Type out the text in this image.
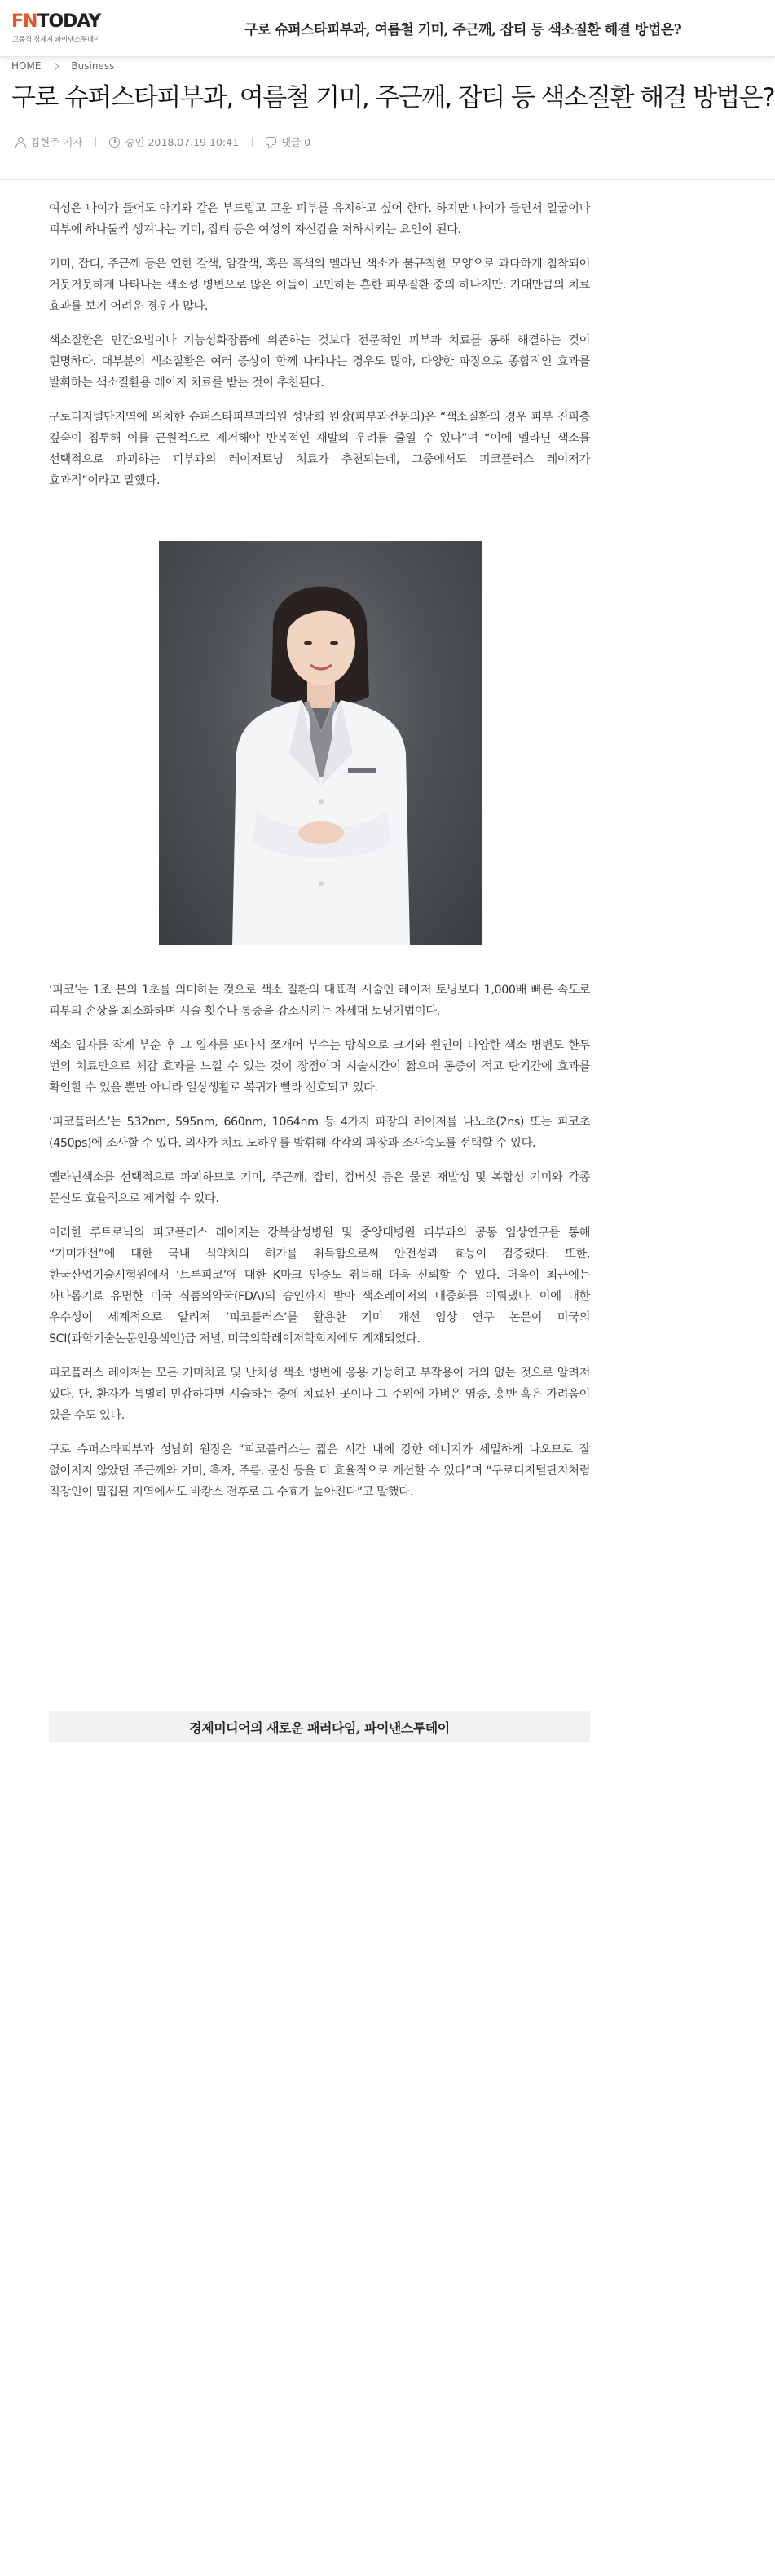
FNTODAY
고품격 경제지 파이낸스투데이
구로 슈퍼스타피부과, 여름철 기미, 주근깨, 잡티 등 색소질환 해결 방법은?
HOME	Business
구로 슈퍼스타피부과, 여름철 기미, 주근깨, 잡티 등 색소질환 해결 방법은?
김현주 기자	승인 2018.07.19 10:41	댓글 0

여성은 나이가 들어도 아기와 같은 부드럽고 고운 피부를 유지하고 싶어 한다. 하지만 나이가 들면서 얼굴이나 피부에 하나둘씩 생겨나는 기미, 잡티 등은 여성의 자신감을 저하시키는 요인이 된다.

기미, 잡티, 주근깨 등은 연한 갈색, 암갈색, 혹은 흑색의 멜라닌 색소가 불규칙한 모양으로 과다하게 침착되어 거뭇거뭇하게 나타나는 색소성 병변으로 많은 이들이 고민하는 흔한 피부질환 중의 하나지만, 기대만큼의 치료 효과를 보기 어려운 경우가 많다.

색소질환은 민간요법이나 기능성화장품에 의존하는 것보다 전문적인 피부과 치료를 통해 해결하는 것이 현명하다. 대부분의 색소질환은 여러 증상이 함께 나타나는 경우도 많아, 다양한 파장으로 종합적인 효과를 발휘하는 색소질환용 레이저 치료를 받는 것이 추천된다.

구로디지털단지역에 위치한 슈퍼스타피부과의원 성남희 원장(피부과전문의)은 “색소질환의 경우 피부 진피층 깊숙이 침투해 이를 근원적으로 제거해야 반복적인 재발의 우려를 줄일 수 있다”며 “이에 멜라닌 색소를 선택적으로 파괴하는 피부과의 레이저토닝 치료가 추천되는데, 그중에서도 피코플러스 레이저가 효과적”이라고 말했다.

‘피코’는 1조 분의 1초를 의미하는 것으로 색소 질환의 대표적 시술인 레이저 토닝보다 1,000배 빠른 속도로 피부의 손상을 최소화하며 시술 횟수나 통증을 감소시키는 차세대 토닝기법이다.

색소 입자를 작게 부순 후 그 입자를 또다시 쪼개어 부수는 방식으로 크기와 원인이 다양한 색소 병변도 한두 번의 치료만으로 체감 효과를 느낄 수 있는 것이 장점이며 시술시간이 짧으며 통증이 적고 단기간에 효과를 확인할 수 있을 뿐만 아니라 일상생활로 복귀가 빨라 선호되고 있다.

‘피코플러스’는 532nm, 595nm, 660nm, 1064nm 등 4가지 파장의 레이저를 나노초(2ns) 또는 피코초(450ps)에 조사할 수 있다. 의사가 치료 노하우를 발휘해 각각의 파장과 조사속도를 선택할 수 있다.

멜라닌색소를 선택적으로 파괴하므로 기미, 주근깨, 잡티, 검버섯 등은 물론 재발성 및 복합성 기미와 각종 문신도 효율적으로 제거할 수 있다.

이러한 루트로닉의 피코플러스 레이저는 강북삼성병원 및 중앙대병원 피부과의 공동 임상연구를 통해 “기미개선”에 대한 국내 식약처의 허가를 취득함으로써 안전성과 효능이 검증됐다. 또한, 한국산업기술시험원에서 ‘트루피코’에 대한 K마크 인증도 취득해 더욱 신뢰할 수 있다. 더욱이 최근에는 까다롭기로 유명한 미국 식품의약국(FDA)의 승인까지 받아 색소레이저의 대중화를 이뤄냈다. 이에 대한 우수성이 세계적으로 알려져 ‘피코플러스’를 활용한 기미 개선 임상 연구 논문이 미국의 SCI(과학기술논문인용색인)급 저널, 미국의학레이저학회지에도 게재되었다.

피코플러스 레이저는 모든 기미치료 및 난치성 색소 병변에 응용 가능하고 부작용이 거의 없는 것으로 알려져 있다. 단, 환자가 특별히 민감하다면 시술하는 중에 치료된 곳이나 그 주위에 가벼운 염증, 홍반 혹은 가려움이 있을 수도 있다.

구로 슈퍼스타피부과 성남희 원장은 “피코플러스는 짧은 시간 내에 강한 에너지가 세밀하게 나오므로 잘 없어지지 않았던 주근깨와 기미, 흑자, 주름, 문신 등을 더 효율적으로 개선할 수 있다”며 “구로디지털단지처럼 직장인이 밀집된 지역에서도 바캉스 전후로 그 수효가 높아진다”고 말했다.

경제미디어의 새로운 패러다임, 파이낸스투데이
